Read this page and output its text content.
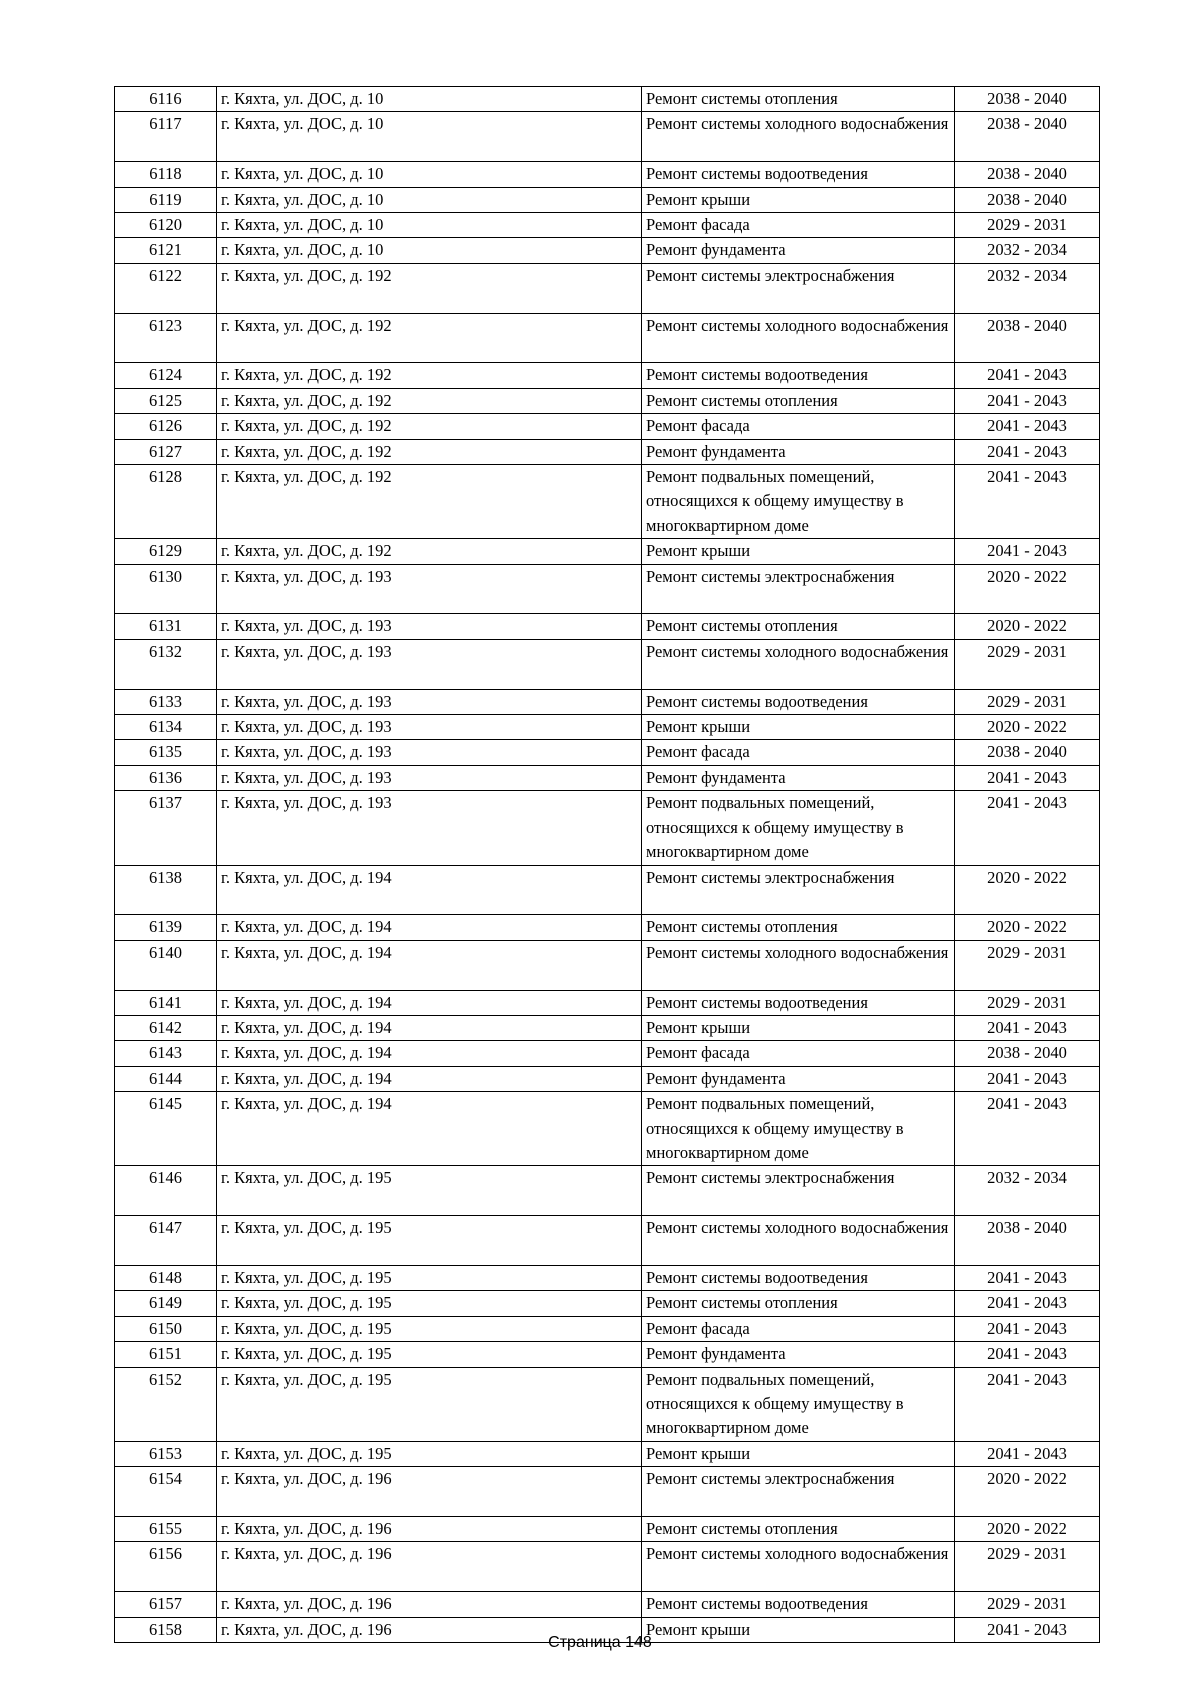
6116	г. Кяхта, ул. ДОС, д. 10	Ремонт системы отопления	2038 - 2040
6117	г. Кяхта, ул. ДОС, д. 10	Ремонт системы холодного водоснабжения	2038 - 2040
6118	г. Кяхта, ул. ДОС, д. 10	Ремонт системы водоотведения	2038 - 2040
6119	г. Кяхта, ул. ДОС, д. 10	Ремонт крыши	2038 - 2040
6120	г. Кяхта, ул. ДОС, д. 10	Ремонт фасада	2029 - 2031
6121	г. Кяхта, ул. ДОС, д. 10	Ремонт фундамента	2032 - 2034
6122	г. Кяхта, ул. ДОС, д. 192	Ремонт системы электроснабжения	2032 - 2034
6123	г. Кяхта, ул. ДОС, д. 192	Ремонт системы холодного водоснабжения	2038 - 2040
6124	г. Кяхта, ул. ДОС, д. 192	Ремонт системы водоотведения	2041 - 2043
6125	г. Кяхта, ул. ДОС, д. 192	Ремонт системы отопления	2041 - 2043
6126	г. Кяхта, ул. ДОС, д. 192	Ремонт фасада	2041 - 2043
6127	г. Кяхта, ул. ДОС, д. 192	Ремонт фундамента	2041 - 2043
6128	г. Кяхта, ул. ДОС, д. 192	Ремонт подвальных помещений, относящихся к общему имуществу в многоквартирном доме	2041 - 2043
6129	г. Кяхта, ул. ДОС, д. 192	Ремонт крыши	2041 - 2043
6130	г. Кяхта, ул. ДОС, д. 193	Ремонт системы электроснабжения	2020 - 2022
6131	г. Кяхта, ул. ДОС, д. 193	Ремонт системы отопления	2020 - 2022
6132	г. Кяхта, ул. ДОС, д. 193	Ремонт системы холодного водоснабжения	2029 - 2031
6133	г. Кяхта, ул. ДОС, д. 193	Ремонт системы водоотведения	2029 - 2031
6134	г. Кяхта, ул. ДОС, д. 193	Ремонт крыши	2020 - 2022
6135	г. Кяхта, ул. ДОС, д. 193	Ремонт фасада	2038 - 2040
6136	г. Кяхта, ул. ДОС, д. 193	Ремонт фундамента	2041 - 2043
6137	г. Кяхта, ул. ДОС, д. 193	Ремонт подвальных помещений, относящихся к общему имуществу в многоквартирном доме	2041 - 2043
6138	г. Кяхта, ул. ДОС, д. 194	Ремонт системы электроснабжения	2020 - 2022
6139	г. Кяхта, ул. ДОС, д. 194	Ремонт системы отопления	2020 - 2022
6140	г. Кяхта, ул. ДОС, д. 194	Ремонт системы холодного водоснабжения	2029 - 2031
6141	г. Кяхта, ул. ДОС, д. 194	Ремонт системы водоотведения	2029 - 2031
6142	г. Кяхта, ул. ДОС, д. 194	Ремонт крыши	2041 - 2043
6143	г. Кяхта, ул. ДОС, д. 194	Ремонт фасада	2038 - 2040
6144	г. Кяхта, ул. ДОС, д. 194	Ремонт фундамента	2041 - 2043
6145	г. Кяхта, ул. ДОС, д. 194	Ремонт подвальных помещений, относящихся к общему имуществу в многоквартирном доме	2041 - 2043
6146	г. Кяхта, ул. ДОС, д. 195	Ремонт системы электроснабжения	2032 - 2034
6147	г. Кяхта, ул. ДОС, д. 195	Ремонт системы холодного водоснабжения	2038 - 2040
6148	г. Кяхта, ул. ДОС, д. 195	Ремонт системы водоотведения	2041 - 2043
6149	г. Кяхта, ул. ДОС, д. 195	Ремонт системы отопления	2041 - 2043
6150	г. Кяхта, ул. ДОС, д. 195	Ремонт фасада	2041 - 2043
6151	г. Кяхта, ул. ДОС, д. 195	Ремонт фундамента	2041 - 2043
6152	г. Кяхта, ул. ДОС, д. 195	Ремонт подвальных помещений, относящихся к общему имуществу в многоквартирном доме	2041 - 2043
6153	г. Кяхта, ул. ДОС, д. 195	Ремонт крыши	2041 - 2043
6154	г. Кяхта, ул. ДОС, д. 196	Ремонт системы электроснабжения	2020 - 2022
6155	г. Кяхта, ул. ДОС, д. 196	Ремонт системы отопления	2020 - 2022
6156	г. Кяхта, ул. ДОС, д. 196	Ремонт системы холодного водоснабжения	2029 - 2031
6157	г. Кяхта, ул. ДОС, д. 196	Ремонт системы водоотведения	2029 - 2031
6158	г. Кяхта, ул. ДОС, д. 196	Ремонт крыши	2041 - 2043
Страница 148
